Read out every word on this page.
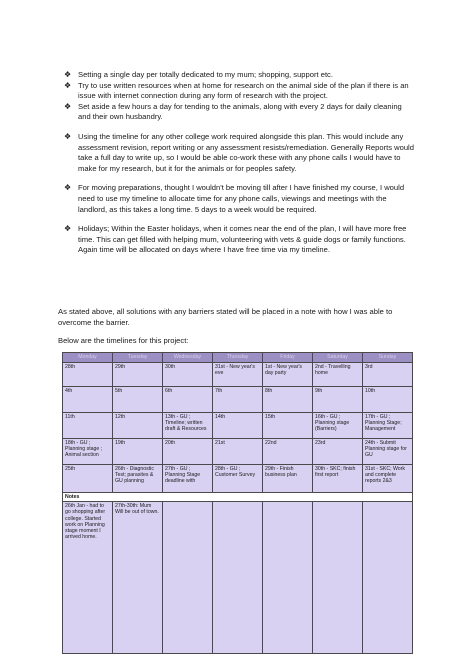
❖ Setting a single day per totally dedicated to my mum; shopping, support etc.
❖ Try to use written resources when at home for research on the animal side of the plan if there is an issue with internet connection during any form of research with the project.
❖ Set aside a few hours a day for tending to the animals, along with every 2 days for daily cleaning and their own husbandry.
❖ Using the timeline for any other college work required alongside this plan. This would include any assessment revision, report writing or any assessment resists/remediation. Generally Reports would take a full day to write up, so I would be able co-work these with any phone calls I would have to make for my research, but it for the animals or for peoples safety.
❖ For moving preparations, thought I wouldn't be moving till after I have finished my course, I would need to use my timeline to allocate time for any phone calls, viewings and meetings with the landlord, as this takes a long time. 5 days to a week would be required.
❖ Holidays; Within the Easter holidays, when it comes near the end of the plan, I will have more free time. This can get filled with helping mum, volunteering with vets & guide dogs or family functions. Again time will be allocated on days where I have free time via my timeline.
As stated above, all solutions with any barriers stated will be placed in a note with how I was able to overcome the barrier.
Below are the timelines for this project:
Monday	Tuesday	Wednesday	Thursday	Friday	Saturday	Sunday
28th	29th	30th	31st - New year's eve	1st - New year's day party	2nd - Travelling home	3rd
4th	5th	6th	7th	8th	9th	10th
11th	12th	13th - GU ; Timeline; written draft & Resources	14th	15th	16th - GU ; Planning stage (Barriers)	17th - GU ; Planning Stage; Management
18th - GU ; Planning stage ; Animal section	19th	20th	21st	22nd	23rd	24th - Submit Planning stage for GU
25th	26th - Diagnostic Test; parasites & GU planning	27th - GU ; Planning Stage deadline with	28th - GU ; Customer Survey	29th - Finish business plan	30th - SKC; finish first report	31st - SKC; Work and complete reports 2&3
Notes						
26th Jan - had to go shopping after college. Started work on Planning stage moment I arrived home.	27th-30th: Mum Will be out of town.					
